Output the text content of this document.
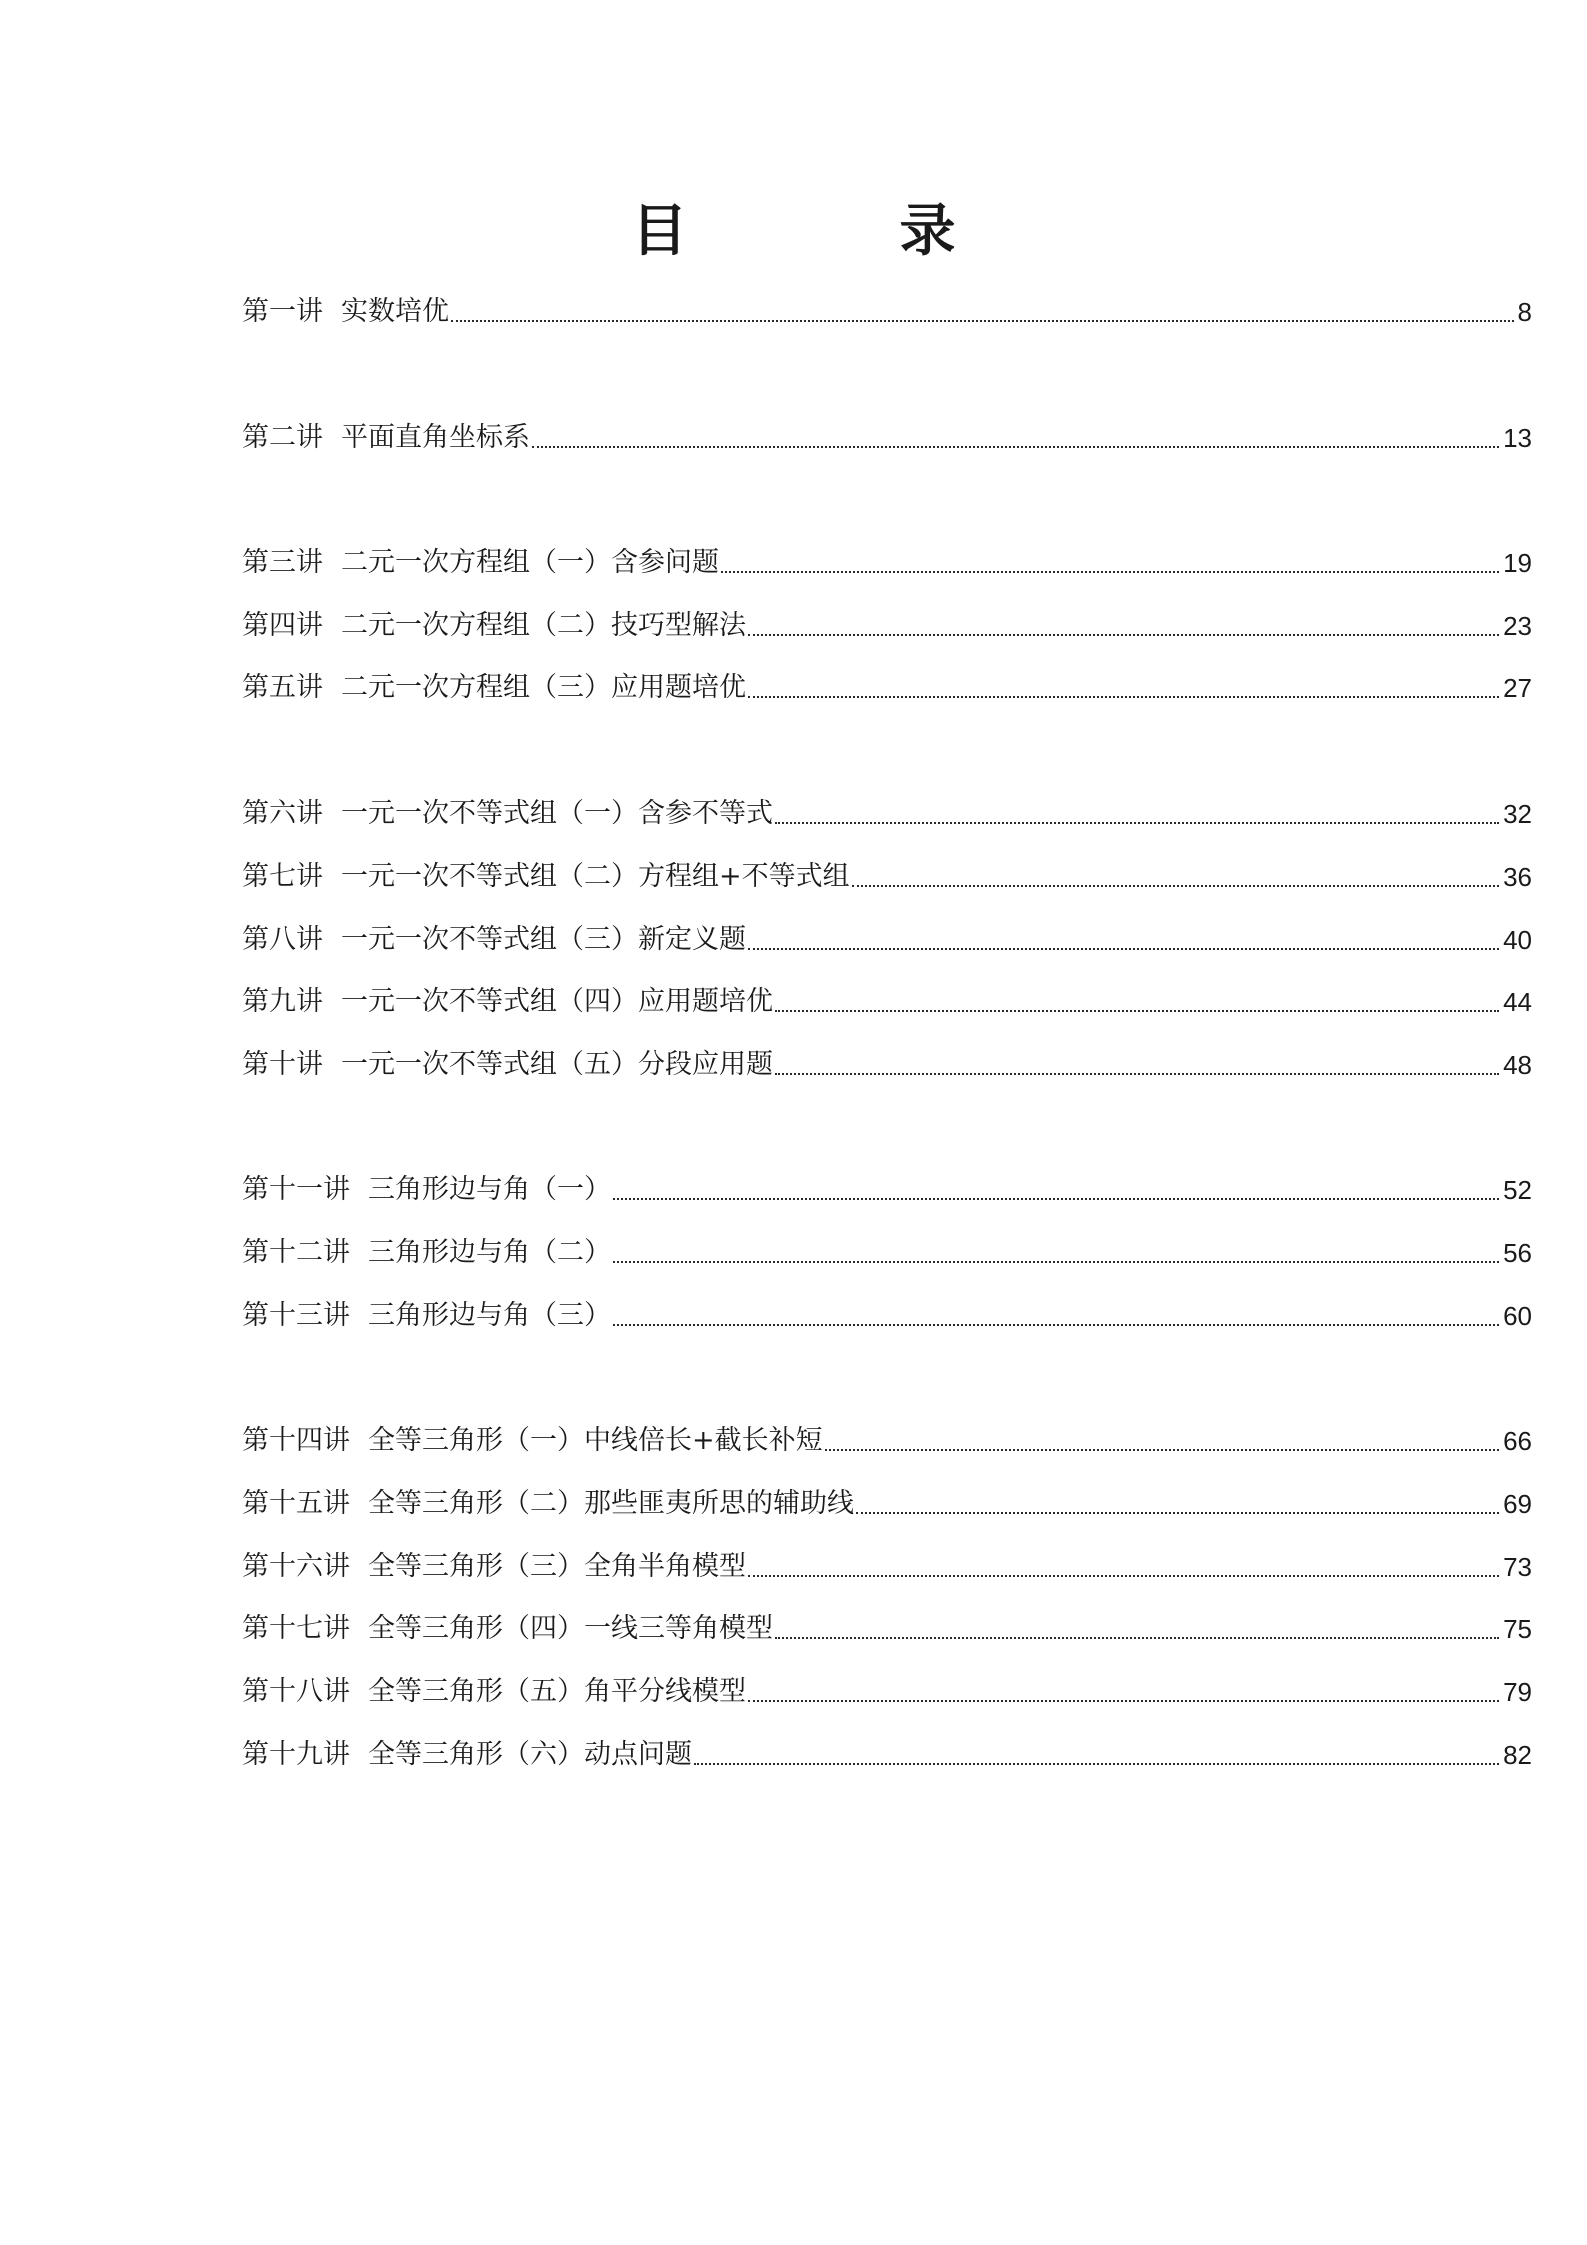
目　录
第一讲 实数培优	8
第二讲 平面直角坐标系	13
第三讲 二元一次方程组（一）含参问题	19
第四讲 二元一次方程组（二）技巧型解法	23
第五讲 二元一次方程组（三）应用题培优	27
第六讲 一元一次不等式组（一）含参不等式	32
第七讲 一元一次不等式组（二）方程组+不等式组	36
第八讲 一元一次不等式组（三）新定义题	40
第九讲 一元一次不等式组（四）应用题培优	44
第十讲 一元一次不等式组（五）分段应用题	48
第十一讲 三角形边与角（一）	52
第十二讲 三角形边与角（二）	56
第十三讲 三角形边与角（三）	60
第十四讲 全等三角形（一）中线倍长+截长补短	66
第十五讲 全等三角形（二）那些匪夷所思的辅助线	69
第十六讲 全等三角形（三）全角半角模型	73
第十七讲 全等三角形（四）一线三等角模型	75
第十八讲 全等三角形（五）角平分线模型	79
第十九讲 全等三角形（六）动点问题	82
